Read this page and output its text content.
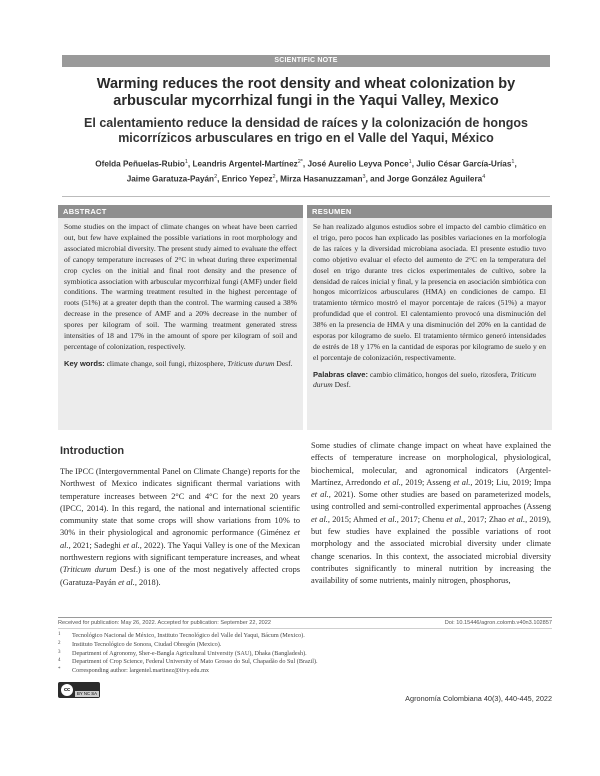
SCIENTIFIC NOTE
Warming reduces the root density and wheat colonization by arbuscular mycorrhizal fungi in the Yaqui Valley, Mexico
El calentamiento reduce la densidad de raíces y la colonización de hongos micorrízicos arbusculares en trigo en el Valle del Yaqui, México
Ofelda Peñuelas-Rubio$^1$, Leandris Argentel-Martínez$^{2*}$, José Aurelio Leyva Ponce$^1$, Julio César García-Urías$^1$,
Jaime Garatuza-Payán$^2$, Enrico Yepez$^2$, Mirza Hasanuzzaman$^3$, and Jorge González Aguilera$^4$
ABSTRACT

Some studies on the impact of climate changes on wheat have been carried out, but few have explained the possible variations in root morphology and associated microbial diversity. The present study aimed to evaluate the effect of canopy temperature increases of 2°C in wheat during three experimental crop cycles on the initial and final root density and the presence of symbiotica association with arbuscular mycorrhizal fungi (AMF) under field conditions. The warming treatment resulted in the highest percentage of roots (51%) at a greater depth than the control. The warming caused a 38% decrease in the presence of AMF and a 20% decrease in the number of spores per kilogram of soil. The warming treatment generated stress intensities of 18 and 17% in the amount of spore per kilogram of soil and percentage of colonization, respectively.

Key words: climate change, soil fungi, rhizosphere, Triticum durum Desf.

RESUMEN

Se han realizado algunos estudios sobre el impacto del cambio climático en el trigo, pero pocos han explicado las posibles variaciones en la morfología de las raíces y la diversidad microbiana asociada. El presente estudio tuvo como objetivo evaluar el efecto del aumento de 2°C en la temperatura del dosel en trigo durante tres ciclos experimentales de cultivo, sobre la densidad de raíces inicial y final, y la presencia en asociación simbiótica con hongos micorrízicos arbusculares (HMA) en condiciones de campo. El tratamiento térmico mostró el mayor porcentaje de raíces (51%) a mayor profundidad que el control. El calentamiento provocó una disminución del 38% en la presencia de HMA y una disminución del 20% en la cantidad de esporas por kilogramo de suelo. El tratamiento térmico generó intensidades de estrés de 18 y 17% en la cantidad de esporas por kilogramo de suelo y en el porcentaje de colonización, respectivamente.

Palabras clave: cambio climático, hongos del suelo, rizosfera, Triticum durum Desf.

Introduction

The IPCC (Intergovernmental Panel on Climate Change) reports for the Northwest of Mexico indicates significant thermal variations with temperature increases between 2°C and 4°C for the next 20 years (IPCC, 2014). In this regard, the national and international scientific community state that some crops will show variations from 10% to 30% in their physiological and agronomic performance (Giménez et al., 2021; Sadeghi et al., 2022). The Yaqui Valley is one of the Mexican northwestern regions with significant temperature increases, and wheat (Triticum durum Desf.) is one of the most negatively affected crops (Garatuza-Payán et al., 2018).

Some studies of climate change impact on wheat have explained the effects of temperature increase on morphological, physiological, biochemical, molecular, and agronomical indicators (Argentel-Martínez, Arredondo et al., 2019; Asseng et al., 2019; Liu, 2019; Impa et al., 2021). Some other studies are based on parameterized models, using controlled and semi-controlled experimental approaches (Asseng et al., 2015; Ahmed et al., 2017; Chenu et al., 2017; Zhao et al., 2019), but few studies have explained the possible variations of root morphology and the associated microbial diversity under climate change scenarios. In this context, the associated microbial diversity contributes significantly to mineral nutrition by increasing the availability of some nutrients, mainly nitrogen, phosphorus,

Received for publication: May 26, 2022. Accepted for publication: September 22, 2022	Doi: 10.15446/agron.colomb.v40n3.102857
1 Tecnológico Nacional de México, Instituto Tecnológico del Valle del Yaqui, Bácum (Mexico).
2 Instituto Tecnológico de Sonora, Ciudad Obregón (Mexico).
3 Department of Agronomy, Sher-e-Bangla Agricultural University (SAU), Dhaka (Bangladesh).
4 Department of Crop Science, Federal University of Mato Grosso do Sul, Chapadão do Sul (Brazil).
* Corresponding author: largentel.martinez@itvy.edu.mx
cc
BY NC SA
Agronomía Colombiana 40(3), 440-445, 2022
